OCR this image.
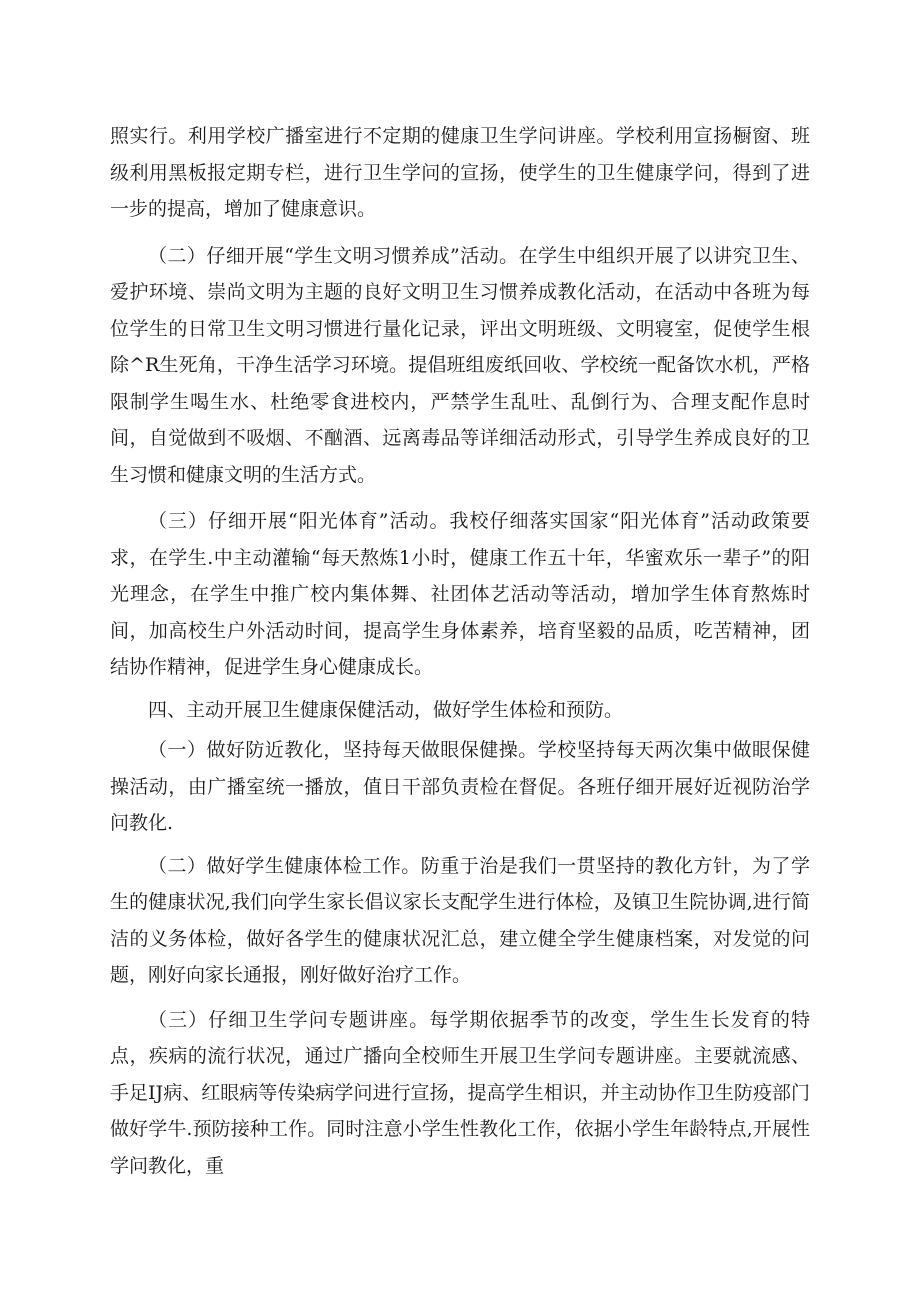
照实行。利用学校广播室进行不定期的健康卫生学问讲座。学校利用宣扬橱窗、班级利用黑板报定期专栏，进行卫生学问的宣扬，使学生的卫生健康学问，得到了进一步的提高，增加了健康意识。

（二）仔细开展“学生文明习惯养成”活动。在学生中组织开展了以讲究卫生、爱护环境、崇尚文明为主题的良好文明卫生习惯养成教化活动，在活动中各班为每位学生的日常卫生文明习惯进行量化记录，评出文明班级、文明寝室，促使学生根除^R生死角，干净生活学习环境。提倡班组废纸回收、学校统一配备饮水机，严格限制学生喝生水、杜绝零食进校内，严禁学生乱吐、乱倒行为、合理支配作息时间，自觉做到不吸烟、不酗酒、远离毒品等详细活动形式，引导学生养成良好的卫生习惯和健康文明的生活方式。

（三）仔细开展“阳光体育”活动。我校仔细落实国家“阳光体育”活动政策要求，在学生.中主动灌输“每天熬炼1小时，健康工作五十年，华蜜欢乐一辈子”的阳光理念，在学生中推广校内集体舞、社团体艺活动等活动，增加学生体育熬炼时间，加高校生户外活动时间，提高学生身体素养，培育坚毅的品质，吃苦精神，团结协作精神，促进学生身心健康成长。

四、主动开展卫生健康保健活动，做好学生体检和预防。

（一）做好防近教化，坚持每天做眼保健操。学校坚持每天两次集中做眼保健操活动，由广播室统一播放，值日干部负责检在督促。各班仔细开展好近视防治学问教化.

（二）做好学生健康体检工作。防重于治是我们一贯坚持的教化方针，为了学生的健康状况,我们向学生家长倡议家长支配学生进行体检，及镇卫生院协调,进行简洁的义务体检，做好各学生的健康状况汇总，建立健全学生健康档案，对发觉的问题，刚好向家长通报，刚好做好治疗工作。

（三）仔细卫生学问专题讲座。每学期依据季节的改变，学生生长发育的特点，疾病的流行状况，通过广播向全校师生开展卫生学问专题讲座。主要就流感、手足IJ病、红眼病等传染病学问进行宣扬，提高学生相识，并主动协作卫生防疫部门做好学牛.预防接种工作。同时注意小学生性教化工作，依据小学生年龄特点,开展性学问教化，重
